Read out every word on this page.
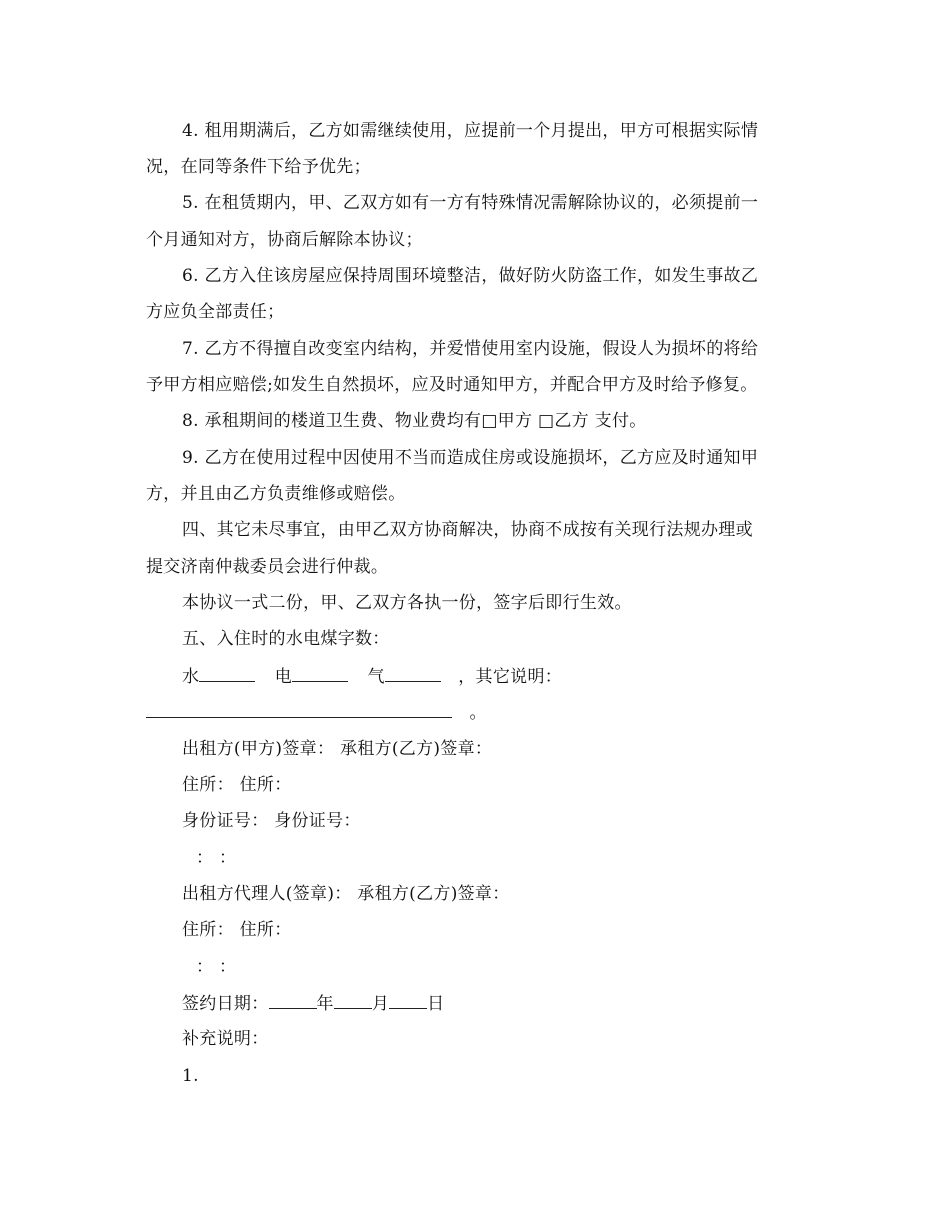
4. 租用期满后，乙方如需继续使用，应提前一个月提出，甲方可根据实际情
况，在同等条件下给予优先；
5. 在租赁期内，甲、乙双方如有一方有特殊情况需解除协议的，必须提前一
个月通知对方，协商后解除本协议；
6. 乙方入住该房屋应保持周围环境整洁，做好防火防盗工作，如发生事故乙
方应负全部责任；
7. 乙方不得擅自改变室内结构，并爱惜使用室内设施，假设人为损坏的将给
予甲方相应赔偿;如发生自然损坏，应及时通知甲方，并配合甲方及时给予修复。
8. 承租期间的楼道卫生费、物业费均有□甲方 □乙方 支付。
9. 乙方在使用过程中因使用不当而造成住房或设施损坏，乙方应及时通知甲
方，并且由乙方负责维修或赔偿。
四、其它未尽事宜，由甲乙双方协商解决，协商不成按有关现行法规办理或
提交济南仲裁委员会进行仲裁。
本协议一式二份，甲、乙双方各执一份，签字后即行生效。
五、入住时的水电煤字数：
水	电	气	，其它说明：
。
出租方(甲方)签章： 承租方(乙方)签章：
住所： 住所：
身份证号： 身份证号：
： ：
出租方代理人(签章)： 承租方(乙方)签章：
住所： 住所：
： ：
签约日期：	年 月 日
补充说明：
1.
